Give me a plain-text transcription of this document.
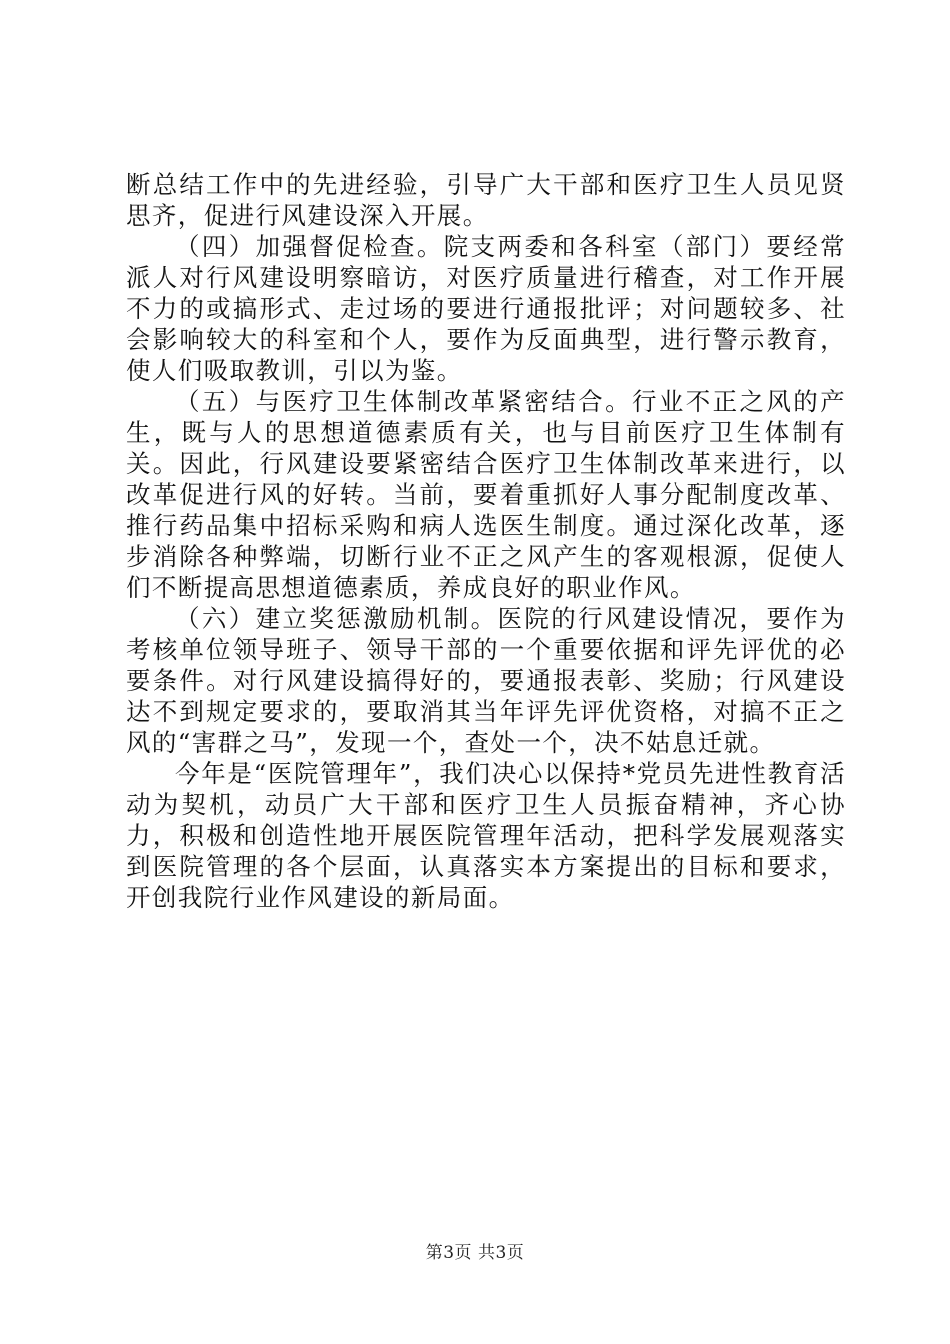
断总结工作中的先进经验，引导广大干部和医疗卫生人员见贤思齐，促进行风建设深入开展。

（四）加强督促检查。院支两委和各科室（部门）要经常派人对行风建设明察暗访，对医疗质量进行稽查，对工作开展不力的或搞形式、走过场的要进行通报批评；对问题较多、社会影响较大的科室和个人，要作为反面典型，进行警示教育，使人们吸取教训，引以为鉴。

（五）与医疗卫生体制改革紧密结合。行业不正之风的产生，既与人的思想道德素质有关，也与目前医疗卫生体制有关。因此，行风建设要紧密结合医疗卫生体制改革来进行，以改革促进行风的好转。当前，要着重抓好人事分配制度改革、推行药品集中招标采购和病人选医生制度。通过深化改革，逐步消除各种弊端，切断行业不正之风产生的客观根源，促使人们不断提高思想道德素质，养成良好的职业作风。

（六）建立奖惩激励机制。医院的行风建设情况，要作为考核单位领导班子、领导干部的一个重要依据和评先评优的必要条件。对行风建设搞得好的，要通报表彰、奖励；行风建设达不到规定要求的，要取消其当年评先评优资格，对搞不正之风的“害群之马”，发现一个，查处一个，决不姑息迁就。

今年是“医院管理年”，我们决心以保持*党员先进性教育活动为契机，动员广大干部和医疗卫生人员振奋精神，齐心协力，积极和创造性地开展医院管理年活动，把科学发展观落实到医院管理的各个层面，认真落实本方案提出的目标和要求，开创我院行业作风建设的新局面。

第3页 共3页
